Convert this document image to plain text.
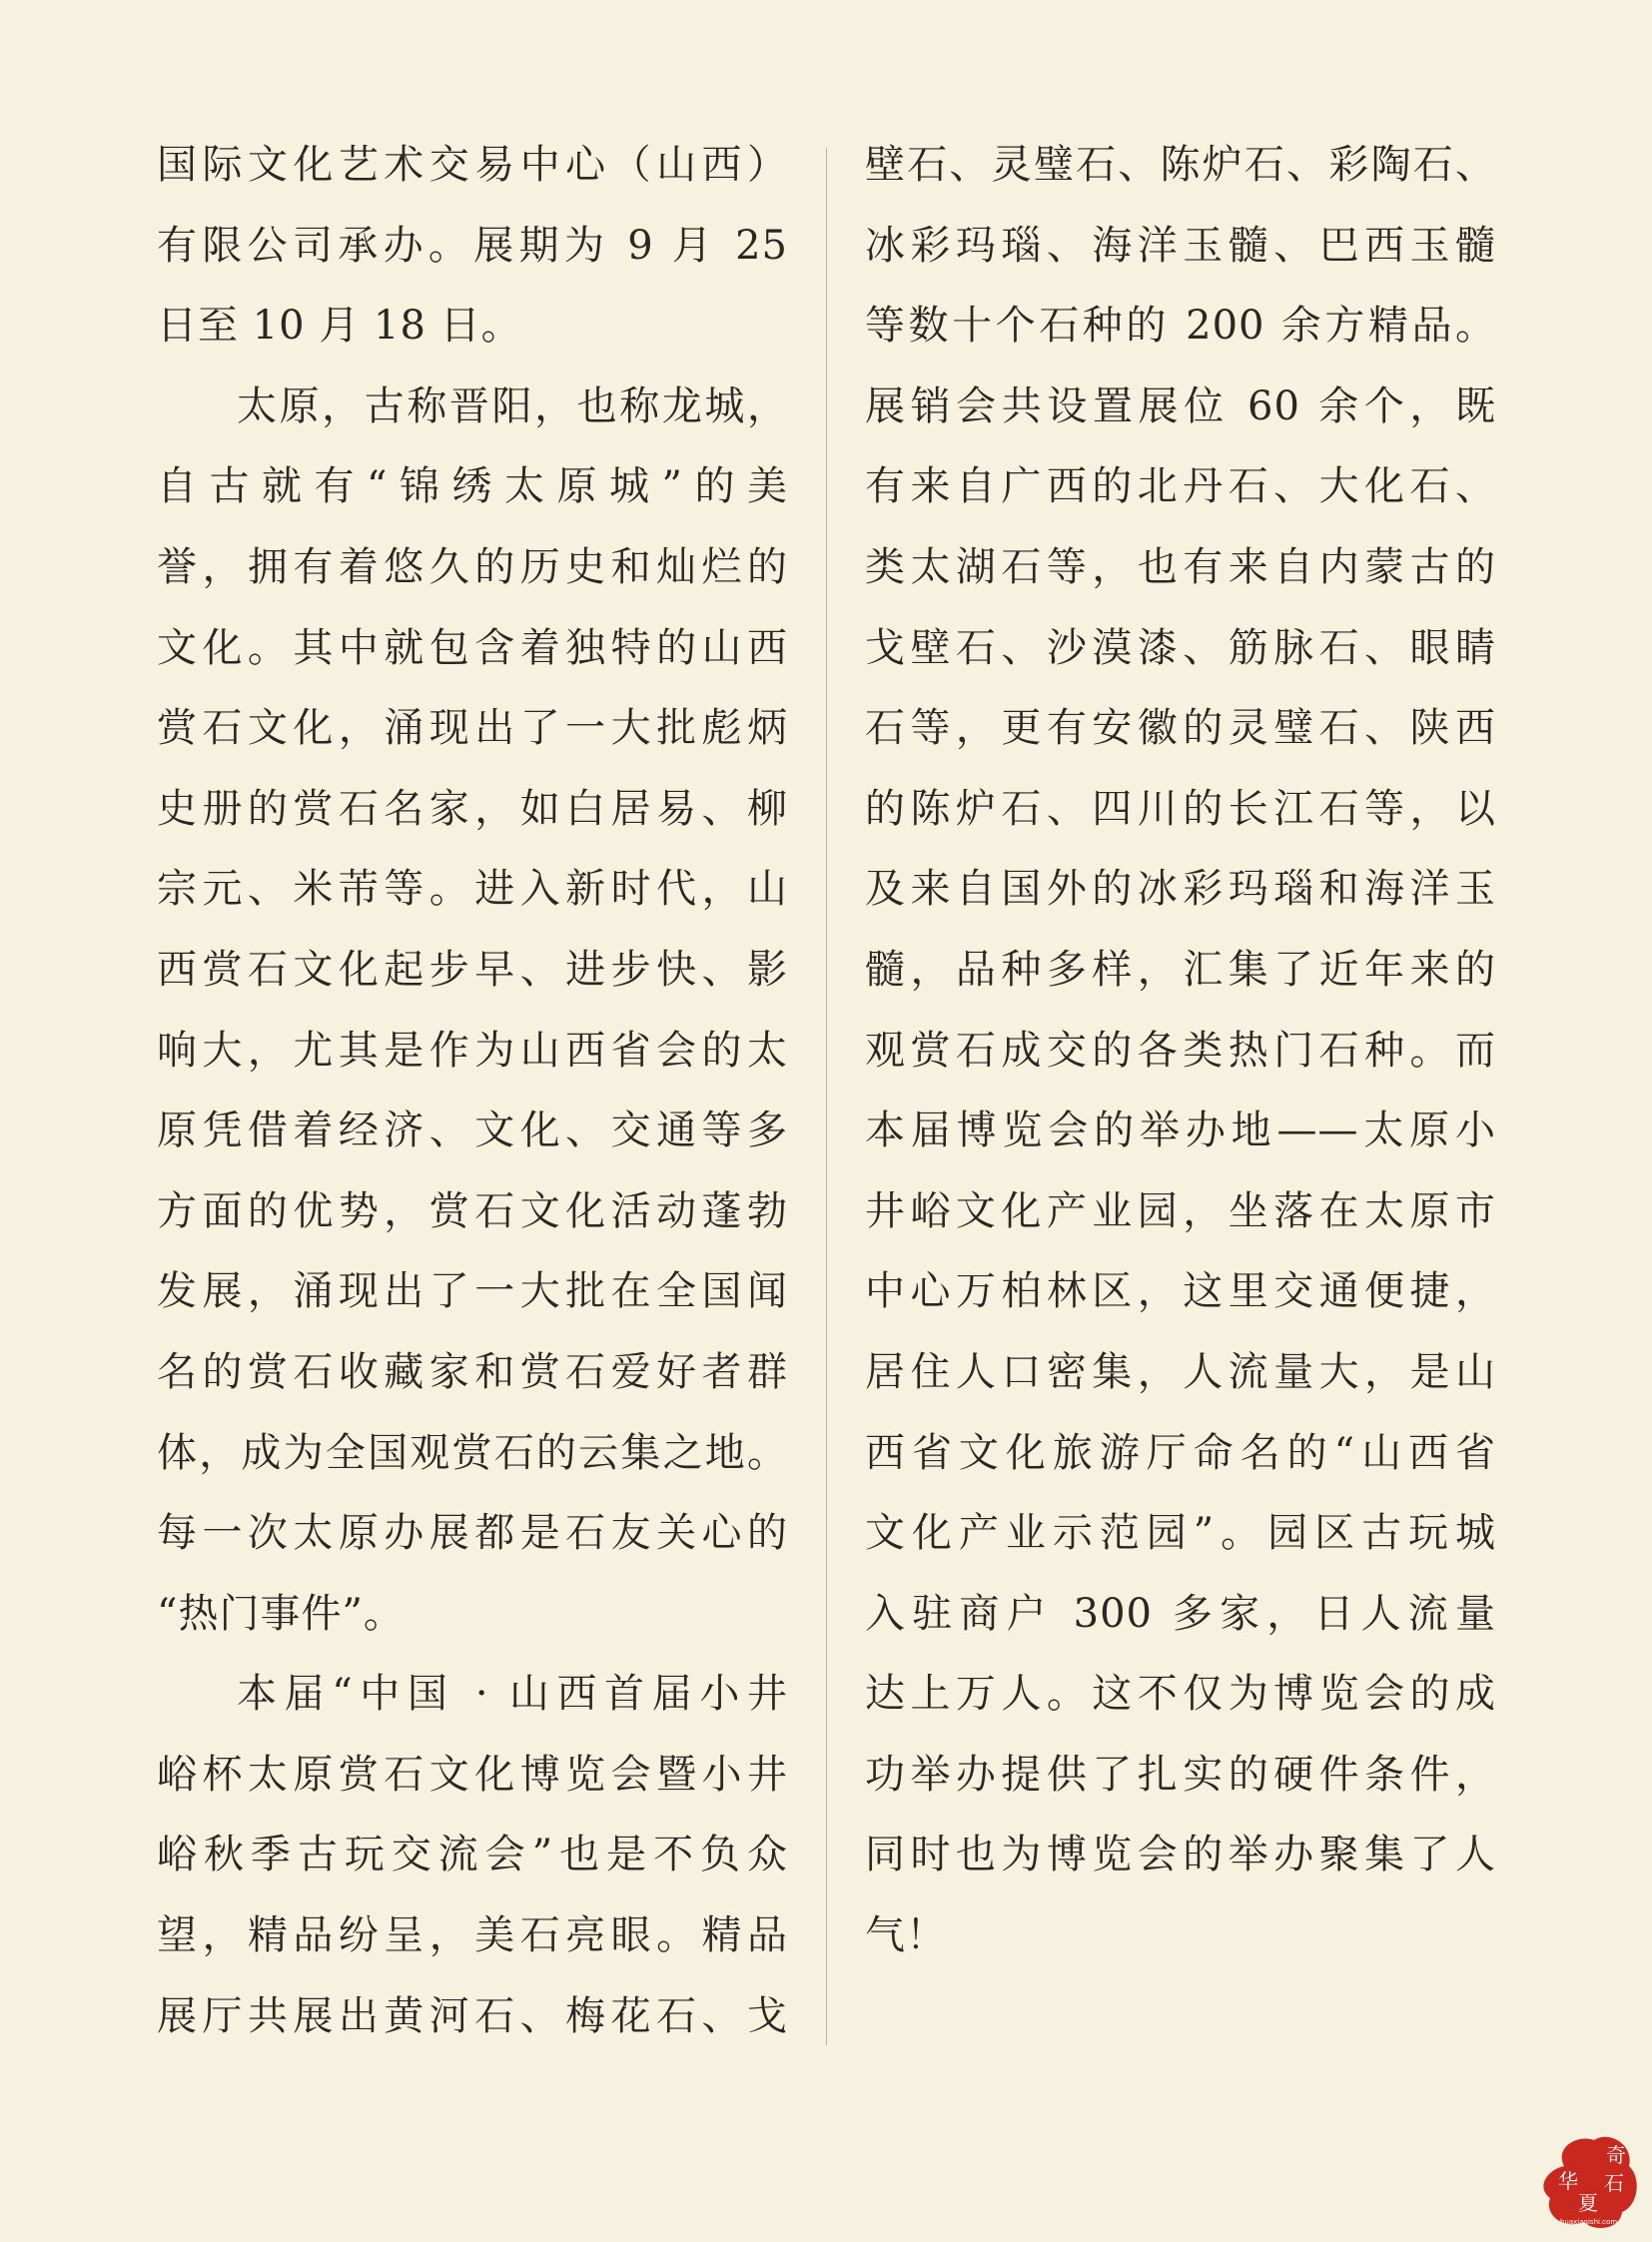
国际文化艺术交易中心（山西）
有限公司承办。展期为 9 月 25
日至 10 月 18 日。
太原，古称晋阳，也称龙城，
自古就有“锦绣太原城”的美
誉，拥有着悠久的历史和灿烂的
文化。其中就包含着独特的山西
赏石文化，涌现出了一大批彪炳
史册的赏石名家，如白居易、柳
宗元、米芾等。进入新时代，山
西赏石文化起步早、进步快、影
响大，尤其是作为山西省会的太
原凭借着经济、文化、交通等多
方面的优势，赏石文化活动蓬勃
发展，涌现出了一大批在全国闻
名的赏石收藏家和赏石爱好者群
体，成为全国观赏石的云集之地。
每一次太原办展都是石友关心的
“热门事件”。
本届“中国 · 山西首届小井
峪杯太原赏石文化博览会暨小井
峪秋季古玩交流会”也是不负众
望，精品纷呈，美石亮眼。精品
展厅共展出黄河石、梅花石、戈
壁石、灵璧石、陈炉石、彩陶石、
冰彩玛瑙、海洋玉髓、巴西玉髓
等数十个石种的 200 余方精品。
展销会共设置展位 60 余个，既
有来自广西的北丹石、大化石、
类太湖石等，也有来自内蒙古的
戈壁石、沙漠漆、筋脉石、眼睛
石等，更有安徽的灵璧石、陕西
的陈炉石、四川的长江石等，以
及来自国外的冰彩玛瑙和海洋玉
髓，品种多样，汇集了近年来的
观赏石成交的各类热门石种。而
本届博览会的举办地——太原小
井峪文化产业园，坐落在太原市
中心万柏林区，这里交通便捷，
居住人口密集，人流量大，是山
西省文化旅游厅命名的“山西省
文化产业示范园”。园区古玩城
入驻商户 300 多家，日人流量
达上万人。这不仅为博览会的成
功举办提供了扎实的硬件条件，
同时也为博览会的举办聚集了人
气！
奇
华 石
夏
huaxiaqishi.com
